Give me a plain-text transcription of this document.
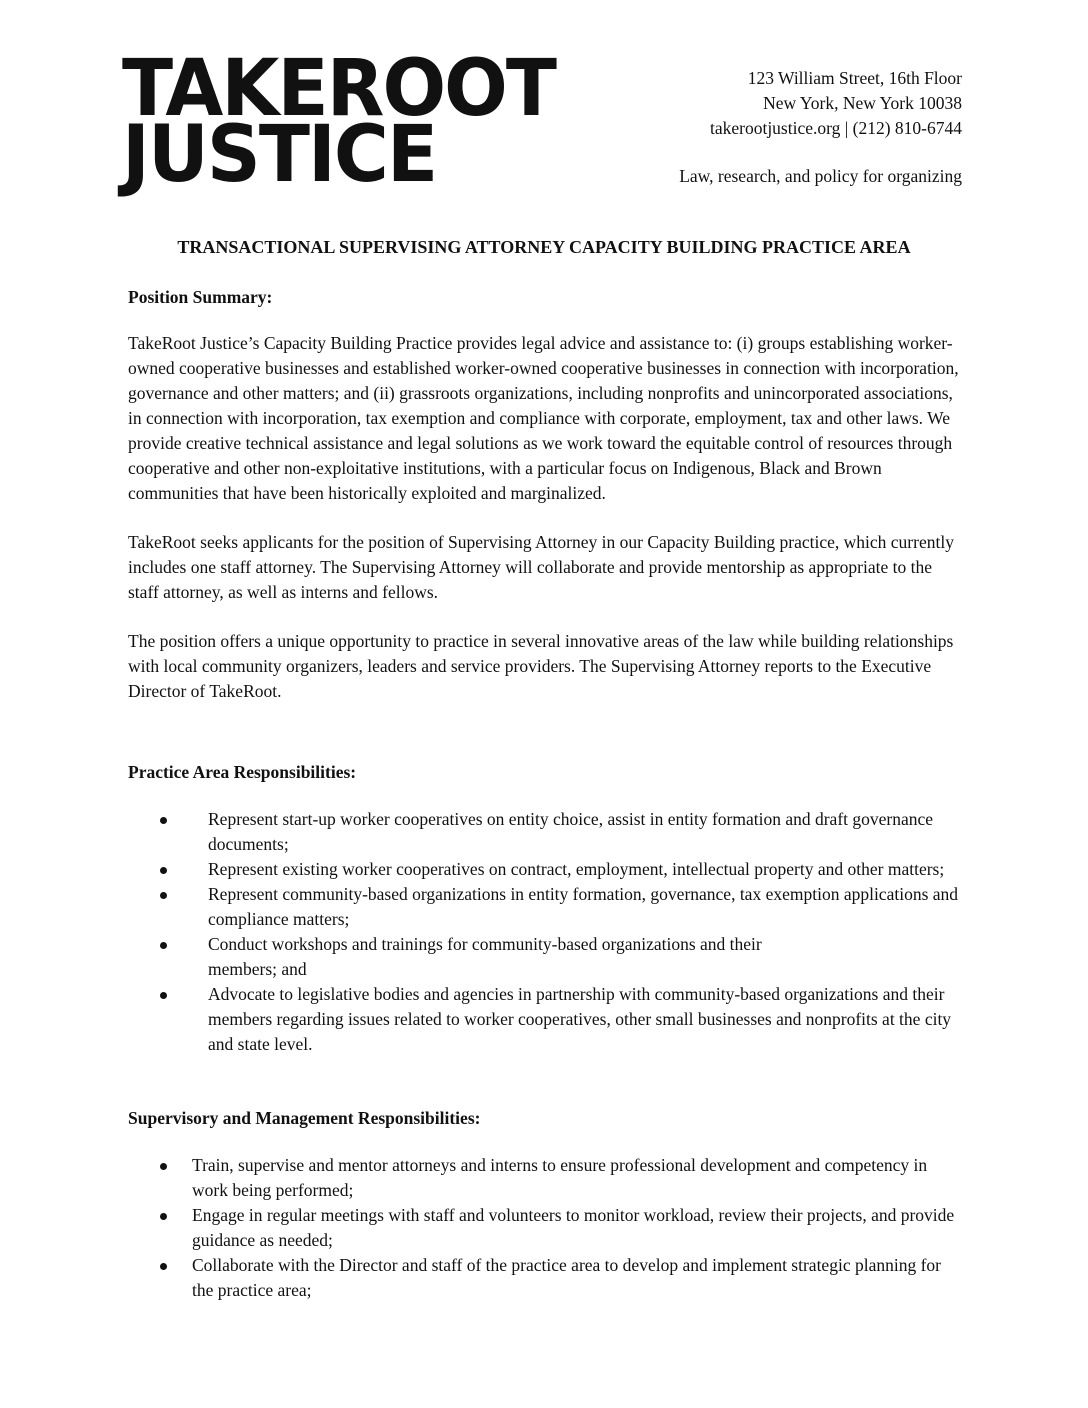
TAKEROOT
JUSTICE
123 William Street, 16th Floor
New York, New York 10038
takerootjustice.org | (212) 810-6744
Law, research, and policy for organizing
TRANSACTIONAL SUPERVISING ATTORNEY CAPACITY BUILDING PRACTICE AREA
Position Summary:

TakeRoot Justice’s Capacity Building Practice provides legal advice and assistance to: (i) groups establishing worker-owned cooperative businesses and established worker-owned cooperative businesses in connection with incorporation, governance and other matters; and (ii) grassroots organizations, including nonprofits and unincorporated associations, in connection with incorporation, tax exemption and compliance with corporate, employment, tax and other laws. We provide creative technical assistance and legal solutions as we work toward the equitable control of resources through cooperative and other non-exploitative institutions, with a particular focus on Indigenous, Black and Brown communities that have been historically exploited and marginalized.

TakeRoot seeks applicants for the position of Supervising Attorney in our Capacity Building practice, which currently includes one staff attorney. The Supervising Attorney will collaborate and provide mentorship as appropriate to the staff attorney, as well as interns and fellows.

The position offers a unique opportunity to practice in several innovative areas of the law while building relationships with local community organizers, leaders and service providers. The Supervising Attorney reports to the Executive Director of TakeRoot.

Practice Area Responsibilities:
Represent start-up worker cooperatives on entity choice, assist in entity formation and draft governance documents;
Represent existing worker cooperatives on contract, employment, intellectual property and other matters;
Represent community-based organizations in entity formation, governance, tax exemption applications and compliance matters;
Conduct workshops and trainings for community-based organizations and their members; and
Advocate to legislative bodies and agencies in partnership with community-based organizations and their members regarding issues related to worker cooperatives, other small businesses and nonprofits at the city and state level.
Supervisory and Management Responsibilities:
Train, supervise and mentor attorneys and interns to ensure professional development and competency in work being performed;
Engage in regular meetings with staff and volunteers to monitor workload, review their projects, and provide guidance as needed;
Collaborate with the Director and staff of the practice area to develop and implement strategic planning for the practice area;
